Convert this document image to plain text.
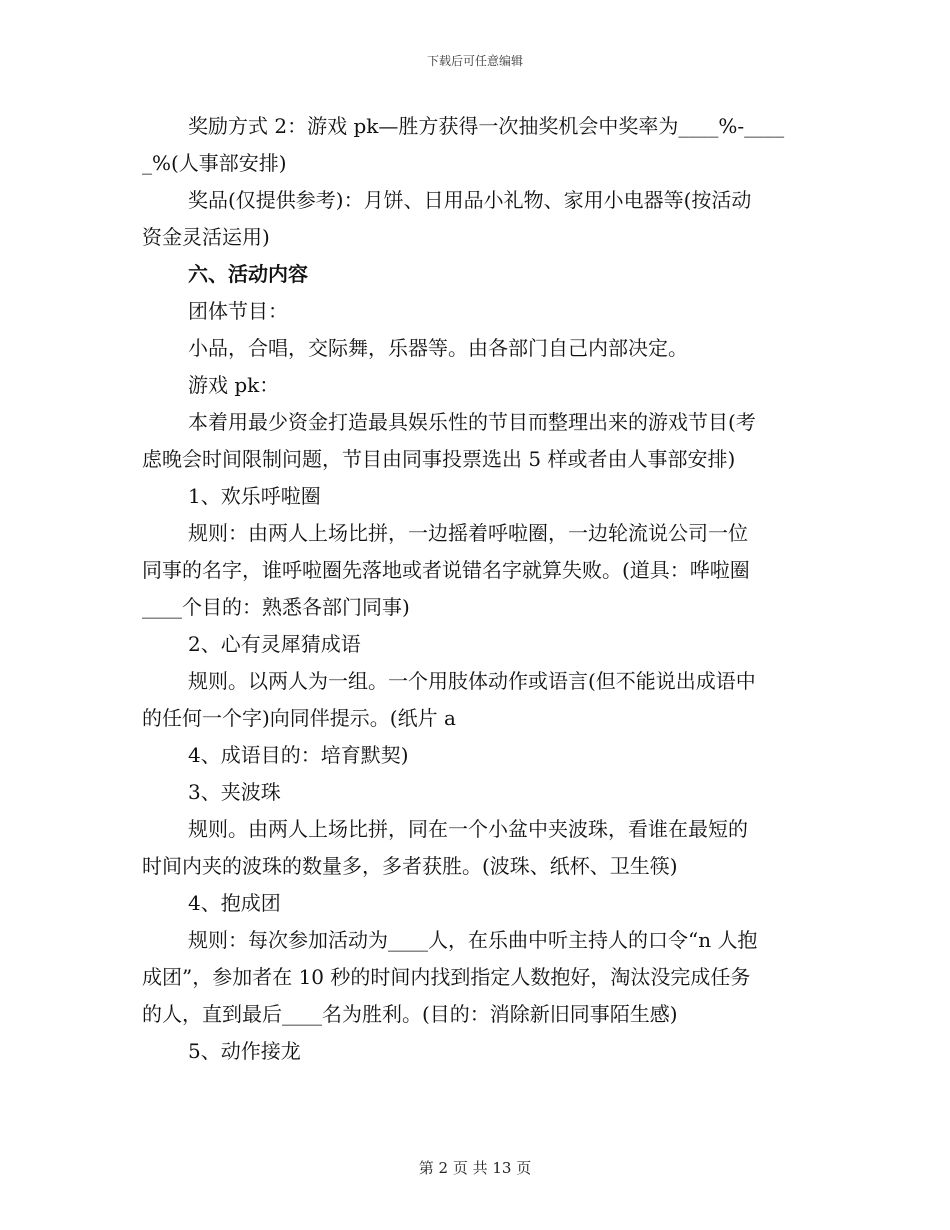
下载后可任意编辑
奖励方式 2：游戏 pk—胜方获得一次抽奖机会中奖率为____%-____
_%(人事部安排)
奖品(仅提供参考)：月饼、日用品小礼物、家用小电器等(按活动
资金灵活运用)
六、活动内容
团体节目：
小品，合唱，交际舞，乐器等。由各部门自己内部决定。
游戏 pk：
本着用最少资金打造最具娱乐性的节目而整理出来的游戏节目(考
虑晚会时间限制问题，节目由同事投票选出 5 样或者由人事部安排)
1、欢乐呼啦圈
规则：由两人上场比拼，一边摇着呼啦圈，一边轮流说公司一位
同事的名字，谁呼啦圈先落地或者说错名字就算失败。(道具：哗啦圈
____个目的：熟悉各部门同事)
2、心有灵犀猜成语
规则。以两人为一组。一个用肢体动作或语言(但不能说出成语中
的任何一个字)向同伴提示。(纸片 a
4、成语目的：培育默契)
3、夹波珠
规则。由两人上场比拼，同在一个小盆中夹波珠，看谁在最短的
时间内夹的波珠的数量多，多者获胜。(波珠、纸杯、卫生筷)
4、抱成团
规则：每次参加活动为____人，在乐曲中听主持人的口令“n 人抱
成团”，参加者在 10 秒的时间内找到指定人数抱好，淘汰没完成任务
的人，直到最后____名为胜利。(目的：消除新旧同事陌生感)
5、动作接龙
第 2 页 共 13 页
